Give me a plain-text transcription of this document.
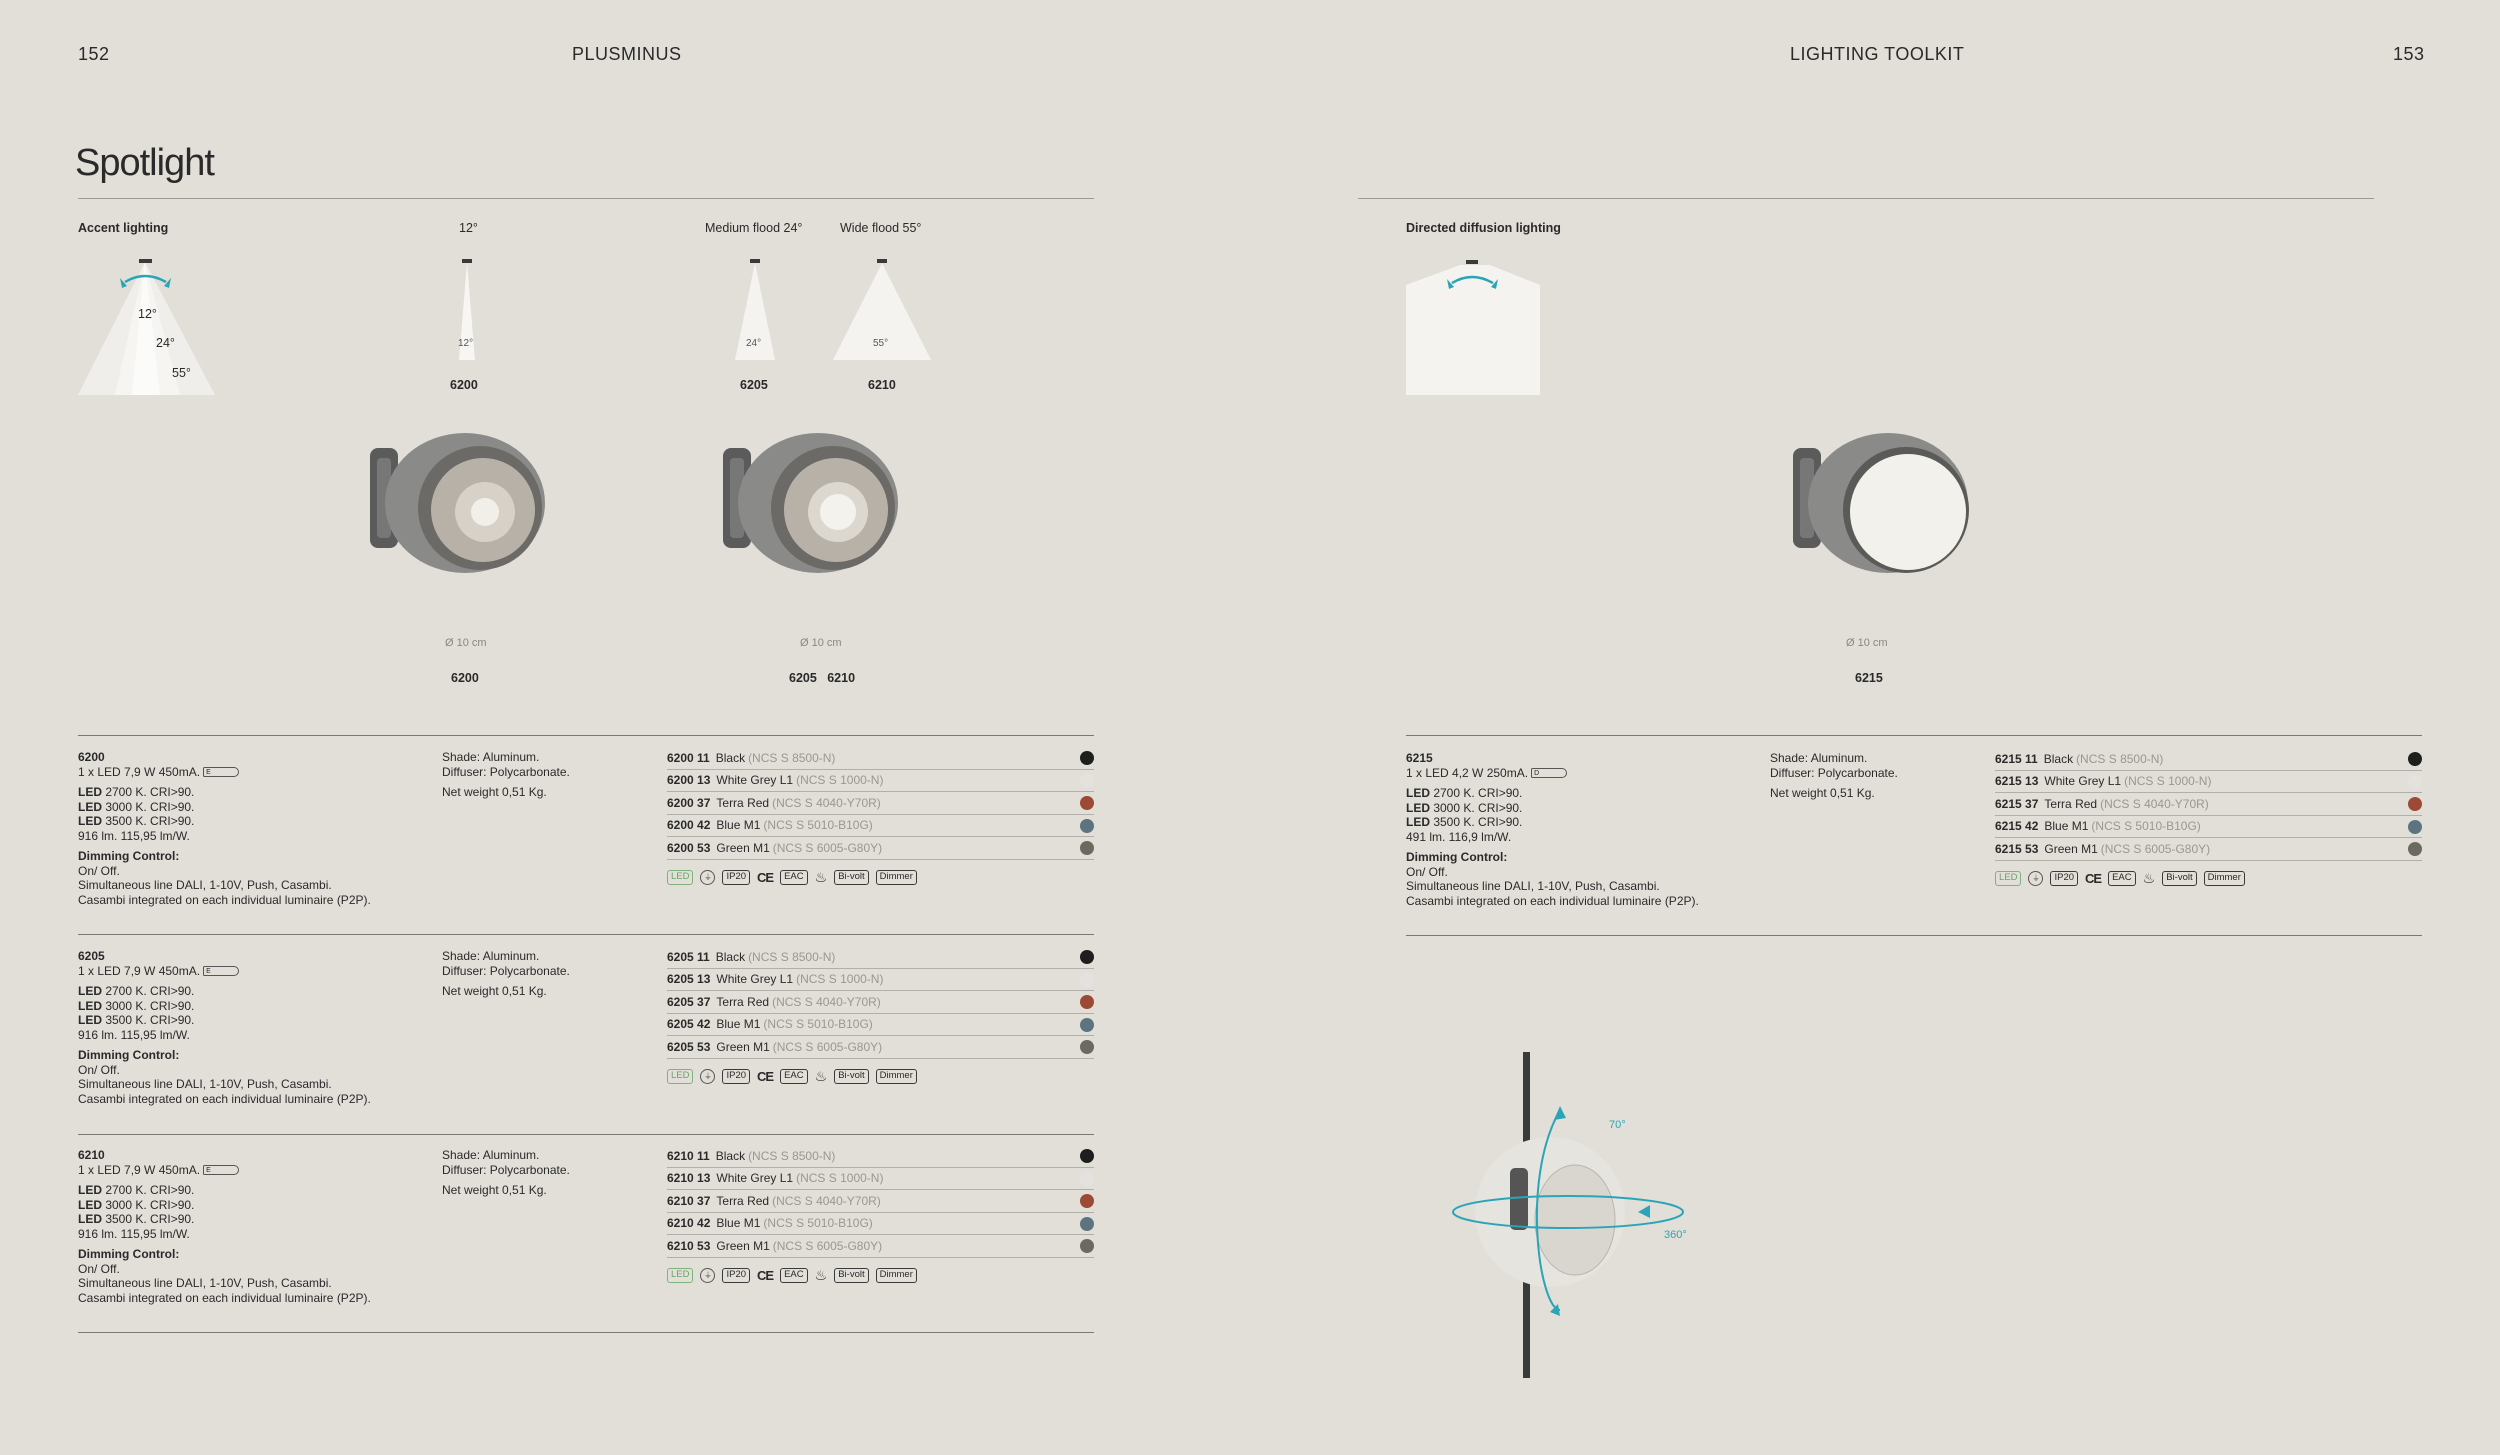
152	PLUSMINUS	LIGHTING TOOLKIT	153
Spotlight
Accent lighting
12°
24°
55°
12°
12°
6200
Medium flood 24°
24°
6205
Wide flood 55°
55°
6210
Ø 10 cm
6200
Ø 10 cm
6205   6210
Directed diffusion lighting
Ø 10 cm
6215
70°
360°
6200
1 x LED 7,9 W 450mA. E
LED 2700 K. CRI>90.
LED 3000 K. CRI>90.
LED 3500 K. CRI>90.
916 lm. 115,95 lm/W.
Dimming Control:
On/ Off.
Simultaneous line DALI, 1-10V, Push, Casambi.
Casambi integrated on each individual luminaire (P2P).
Shade: Aluminum.
Diffuser: Polycarbonate.
Net weight 0,51 Kg.
6200 11 Black (NCS S 8500-N)
6200 13 White Grey L1 (NCS S 1000-N)
6200 37 Terra Red (NCS S 4040-Y70R)
6200 42 Blue M1 (NCS S 5010-B10G)
6200 53 Green M1 (NCS S 6005-G80Y)
LED	⏚	IP20 CE	EAC ♨	Bi-volt	Dimmer
6205
1 x LED 7,9 W 450mA. E
LED 2700 K. CRI>90.
LED 3000 K. CRI>90.
LED 3500 K. CRI>90.
916 lm. 115,95 lm/W.
Dimming Control:
On/ Off.
Simultaneous line DALI, 1-10V, Push, Casambi.
Casambi integrated on each individual luminaire (P2P).
Shade: Aluminum.
Diffuser: Polycarbonate.
Net weight 0,51 Kg.
6205 11 Black (NCS S 8500-N)
6205 13 White Grey L1 (NCS S 1000-N)
6205 37 Terra Red (NCS S 4040-Y70R)
6205 42 Blue M1 (NCS S 5010-B10G)
6205 53 Green M1 (NCS S 6005-G80Y)
LED	⏚	IP20 CE	EAC ♨	Bi-volt	Dimmer
6210
1 x LED 7,9 W 450mA. E
LED 2700 K. CRI>90.
LED 3000 K. CRI>90.
LED 3500 K. CRI>90.
916 lm. 115,95 lm/W.
Dimming Control:
On/ Off.
Simultaneous line DALI, 1-10V, Push, Casambi.
Casambi integrated on each individual luminaire (P2P).
Shade: Aluminum.
Diffuser: Polycarbonate.
Net weight 0,51 Kg.
6210 11 Black (NCS S 8500-N)
6210 13 White Grey L1 (NCS S 1000-N)
6210 37 Terra Red (NCS S 4040-Y70R)
6210 42 Blue M1 (NCS S 5010-B10G)
6210 53 Green M1 (NCS S 6005-G80Y)
LED	⏚	IP20 CE	EAC ♨	Bi-volt	Dimmer
6215
1 x LED 4,2 W 250mA. D
LED 2700 K. CRI>90.
LED 3000 K. CRI>90.
LED 3500 K. CRI>90.
491 lm. 116,9 lm/W.
Dimming Control:
On/ Off.
Simultaneous line DALI, 1-10V, Push, Casambi.
Casambi integrated on each individual luminaire (P2P).
Shade: Aluminum.
Diffuser: Polycarbonate.
Net weight 0,51 Kg.
6215 11 Black (NCS S 8500-N)
6215 13 White Grey L1 (NCS S 1000-N)
6215 37 Terra Red (NCS S 4040-Y70R)
6215 42 Blue M1 (NCS S 5010-B10G)
6215 53 Green M1 (NCS S 6005-G80Y)
LED	⏚	IP20 CE	EAC ♨	Bi-volt	Dimmer
